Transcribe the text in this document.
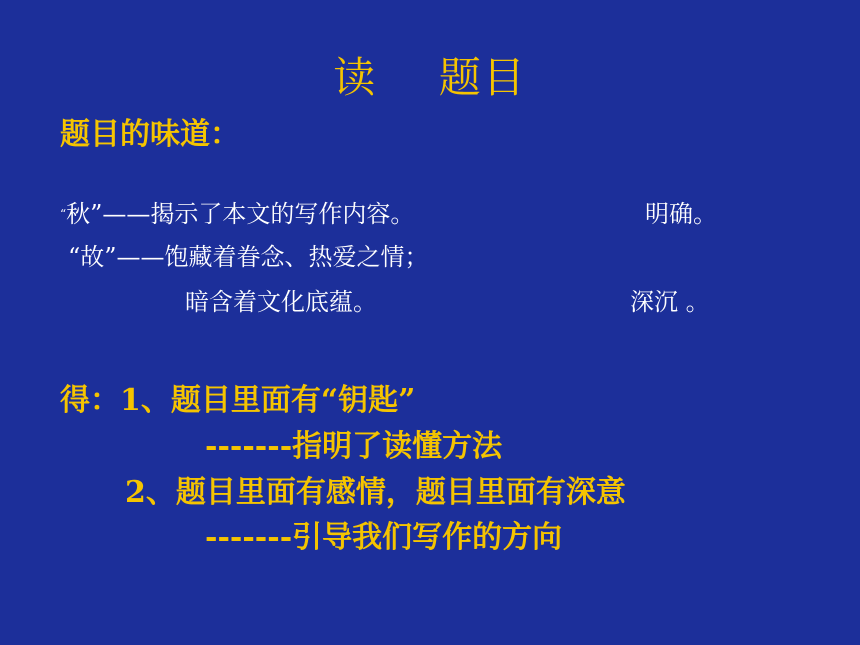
读    题目
题目的味道：
“秋”——揭示了本文的写作内容。	明确。
“故”——饱藏着眷念、热爱之情；
暗含着文化底蕴。	深沉 。
得：1、题目里面有“钥匙”
-------指明了读懂方法
2、题目里面有感情，题目里面有深意
-------引导我们写作的方向
